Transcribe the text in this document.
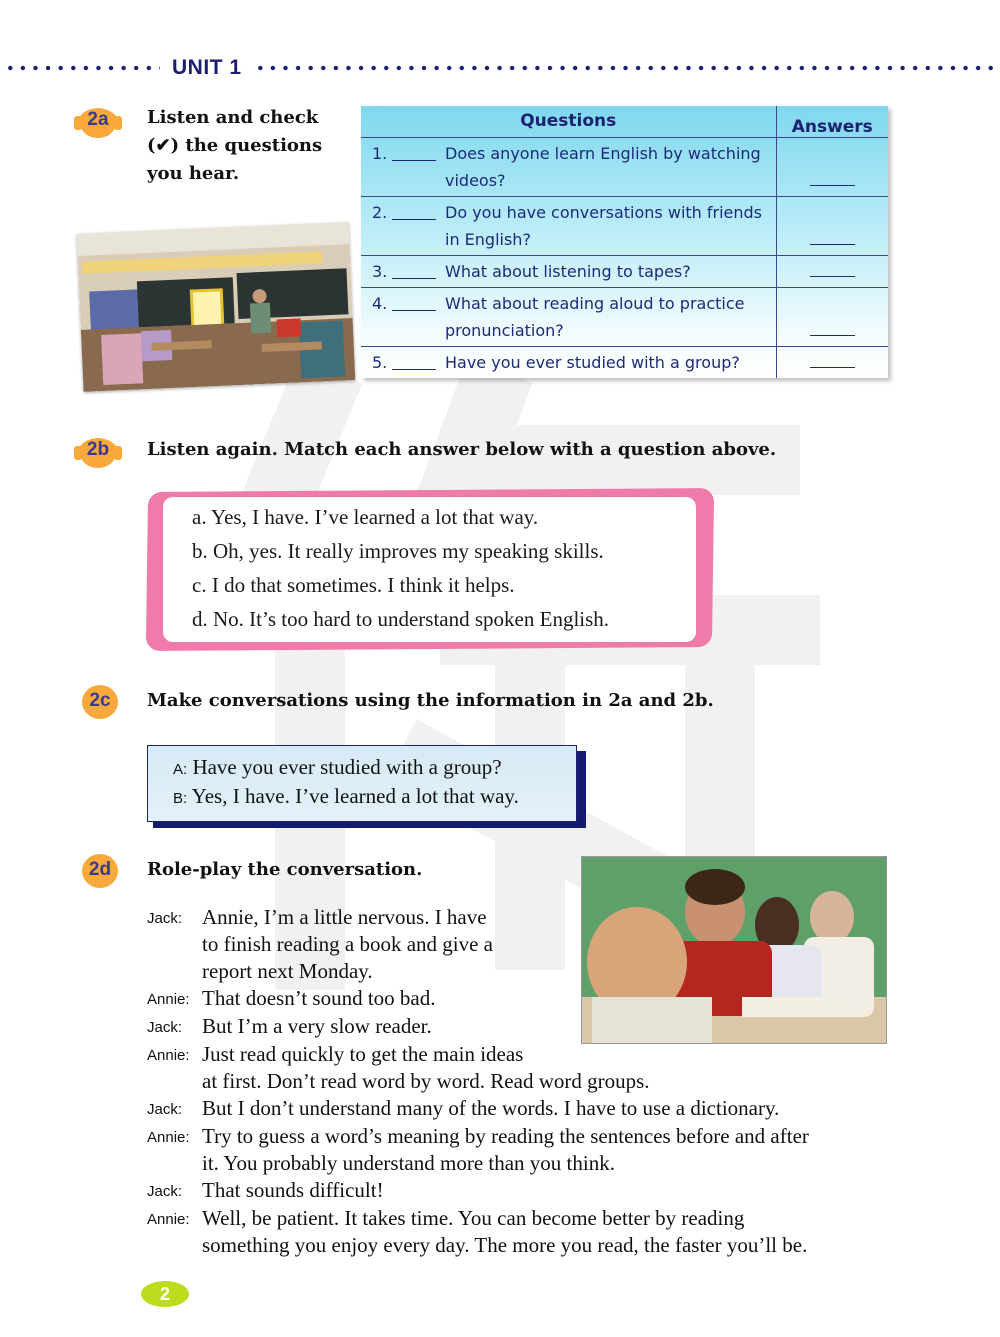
UNIT 1
2a	Listen and check
(✔) the questions
you hear.
Questions	Answers

1. Does anyone learn English by watching
videos?	

2. Do you have conversations with friends
in English?	

3. What about listening to tapes?	

4. What about reading aloud to practice
pronunciation?	

5. Have you ever studied with a group?	

2b	Listen again. Match each answer below with a question above.
a. Yes, I have. I’ve learned a lot that way.
b. Oh, yes. It really improves my speaking skills.
c. I do that sometimes. I think it helps.
d. No. It’s too hard to understand spoken English.
2c	Make conversations using the information in 2a and 2b.
A: Have you ever studied with a group?
B: Yes, I have. I’ve learned a lot that way.
2d	Role-play the conversation.
Jack: Annie, I’m a little nervous. I have
to finish reading a book and give a
report next Monday.
Annie: That doesn’t sound too bad.
Jack: But I’m a very slow reader.
Annie: Just read quickly to get the main ideas
at first. Don’t read word by word. Read word groups.
Jack: But I don’t understand many of the words. I have to use a dictionary.
Annie: Try to guess a word’s meaning by reading the sentences before and after
it. You probably understand more than you think.
Jack: That sounds difficult!
Annie: Well, be patient. It takes time. You can become better by reading
something you enjoy every day. The more you read, the faster you’ll be.
2
